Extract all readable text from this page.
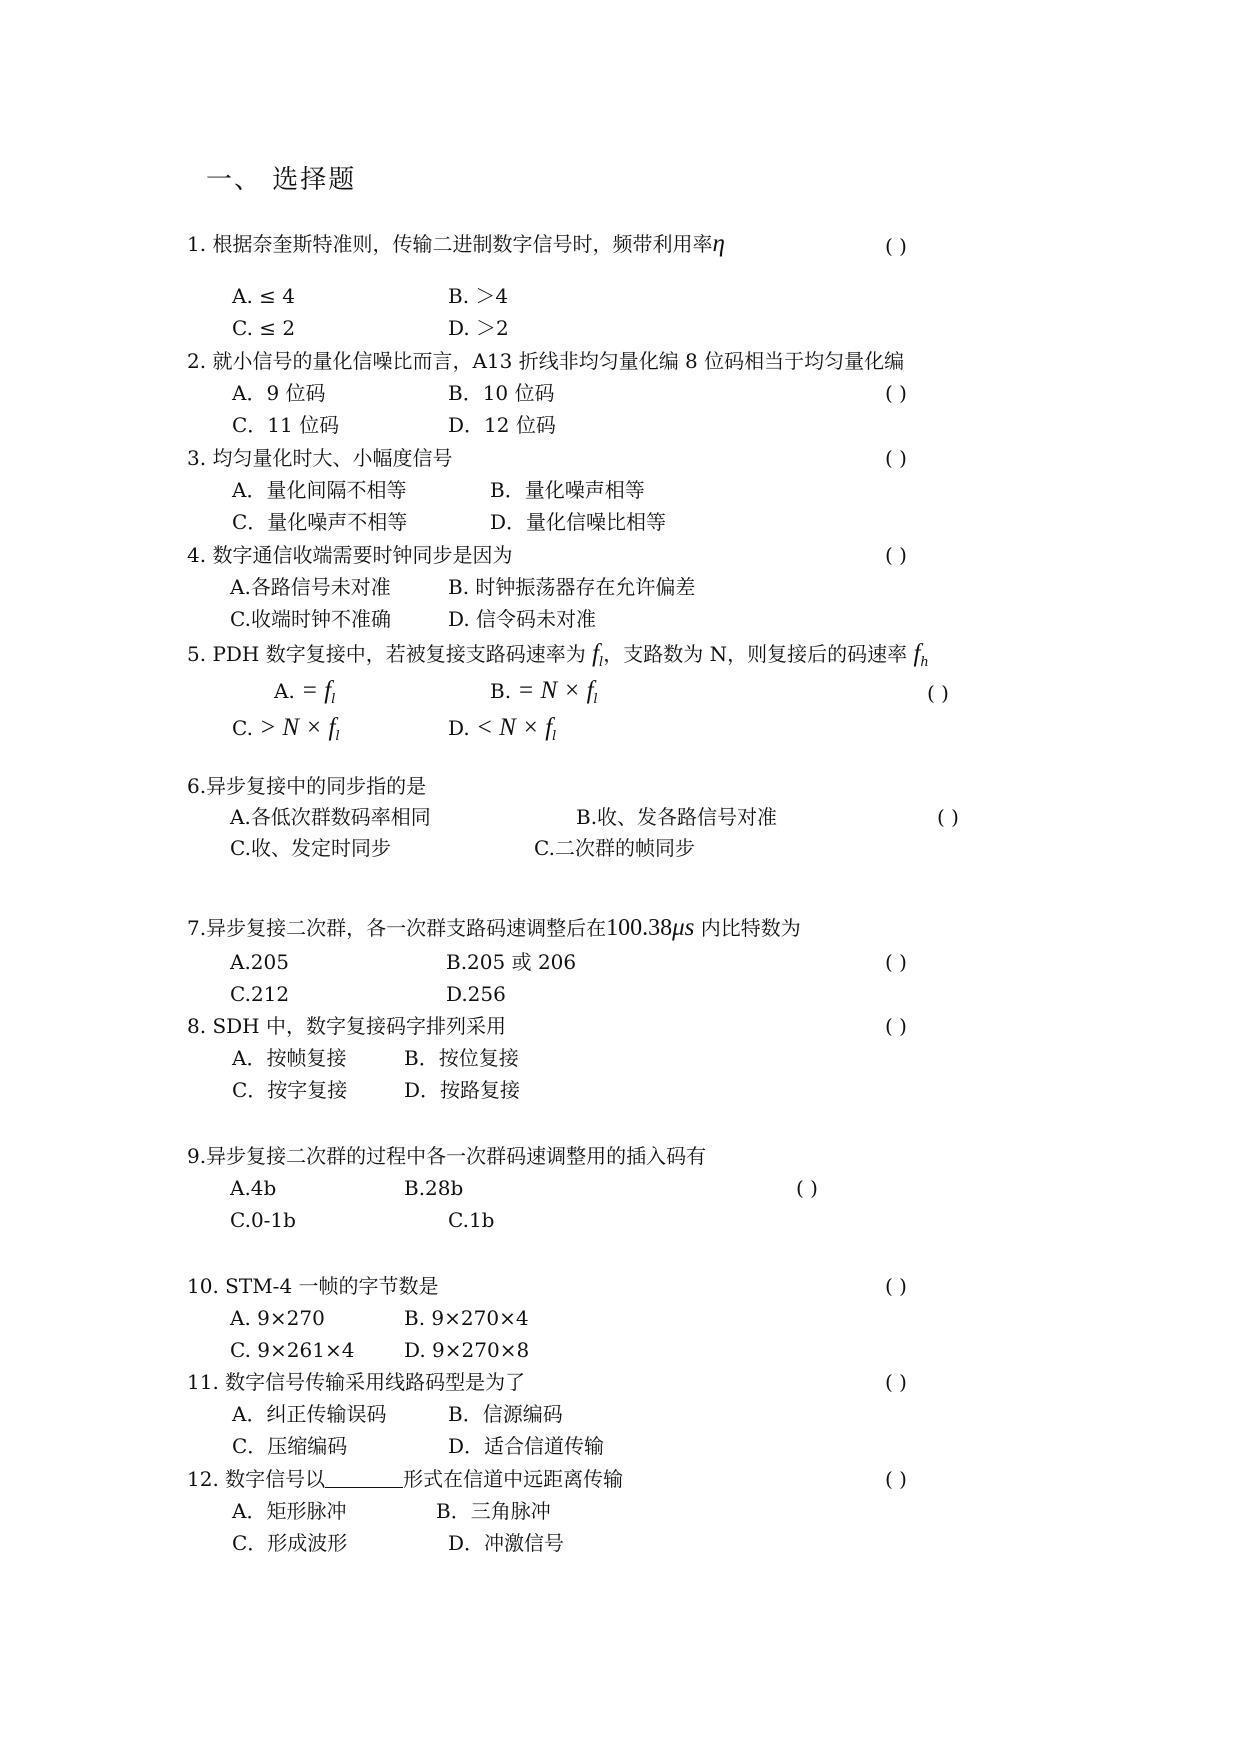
一、 选择题
1. 根据奈奎斯特准则，传输二进制数字信号时，频带利用率η	( )
A. ≤ 4	B. ＞4
C. ≤ 2	D. ＞2
2. 就小信号的量化信噪比而言，A13 折线非均匀量化编 8 位码相当于均匀量化编
A．9 位码	B．10 位码	( )
C．11 位码	D．12 位码
3. 均匀量化时大、小幅度信号	( )
A．量化间隔不相等	B．量化噪声相等
C．量化噪声不相等	D．量化信噪比相等
4. 数字通信收端需要时钟同步是因为	( )
A.各路信号未对准	B. 时钟振荡器存在允许偏差
C.收端时钟不准确	D. 信令码未对准
5. PDH 数字复接中，若被复接支路码速率为 $f_l$，支路数为 N，则复接后的码速率 $f_h$
A. = $f_l$	B. = $N \times f_l$	( )
C. > $N \times f_l$	D. < $N \times f_l$
6.异步复接中的同步指的是
A.各低次群数码率相同	B.收、发各路信号对准	( )
C.收、发定时同步	C.二次群的帧同步
7.异步复接二次群，各一次群支路码速调整后在100.38μs 内比特数为
A.205	B.205 或 206	( )
C.212	D.256
8. SDH 中，数字复接码字排列采用	( )
A．按帧复接	B．按位复接
C．按字复接	D．按路复接
9.异步复接二次群的过程中各一次群码速调整用的插入码有
A.4b	B.28b	( )
C.0-1b	C.1b
10. STM-4 一帧的字节数是	( )
A. 9×270	B. 9×270×4
C. 9×261×4 D. 9×270×8
11. 数字信号传输采用线路码型是为了	( )
A．纠正传输误码	B．信源编码
C．压缩编码	D．适合信道传输
12. 数字信号以	形式在信道中远距离传输	( )
A．矩形脉冲	B．三角脉冲
C．形成波形	D．冲激信号
